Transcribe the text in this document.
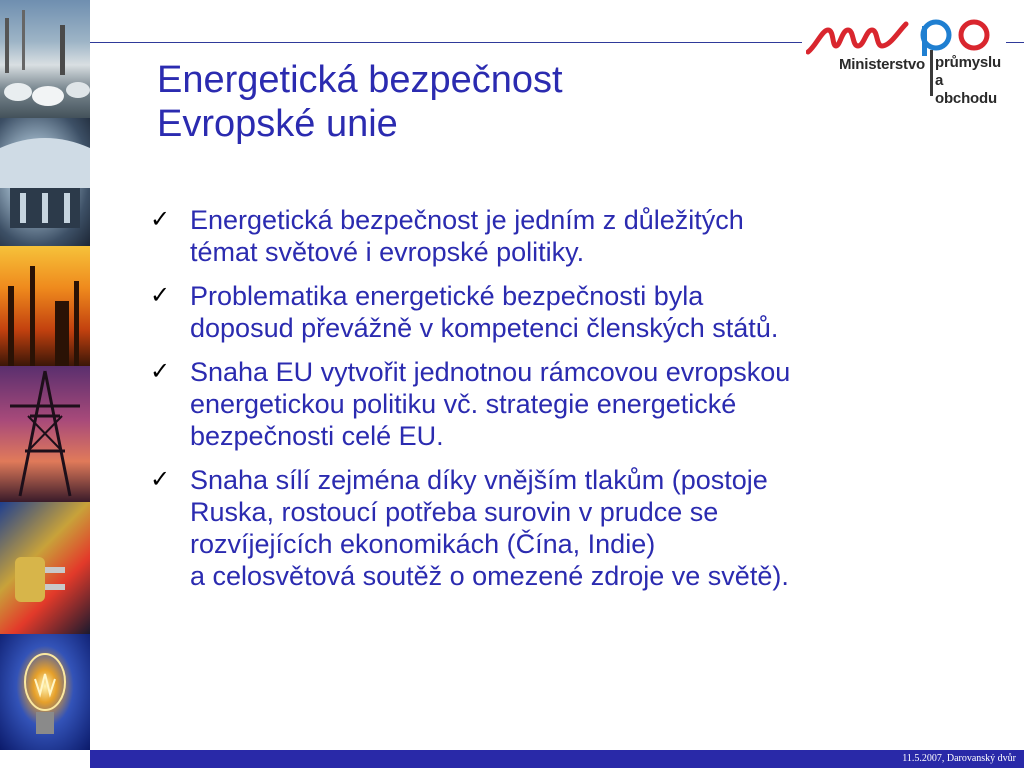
Energetická bezpečnost
Evropské unie
Ministerstvo průmyslu
a obchodu
✓ Energetická bezpečnost je jedním z důležitých
témat světové i evropské politiky.
✓ Problematika energetické bezpečnosti byla
doposud převážně v kompetenci členských států.
✓ Snaha EU vytvořit jednotnou rámcovou evropskou
energetickou politiku vč. strategie energetické
bezpečnosti celé EU.
✓ Snaha sílí zejména díky vnějším tlakům (postoje
Ruska, rostoucí potřeba surovin v prudce se
rozvíjejících ekonomikách (Čína, Indie)
a celosvětová soutěž o omezené zdroje ve světě).
11.5.2007, Darovanský dvůr
